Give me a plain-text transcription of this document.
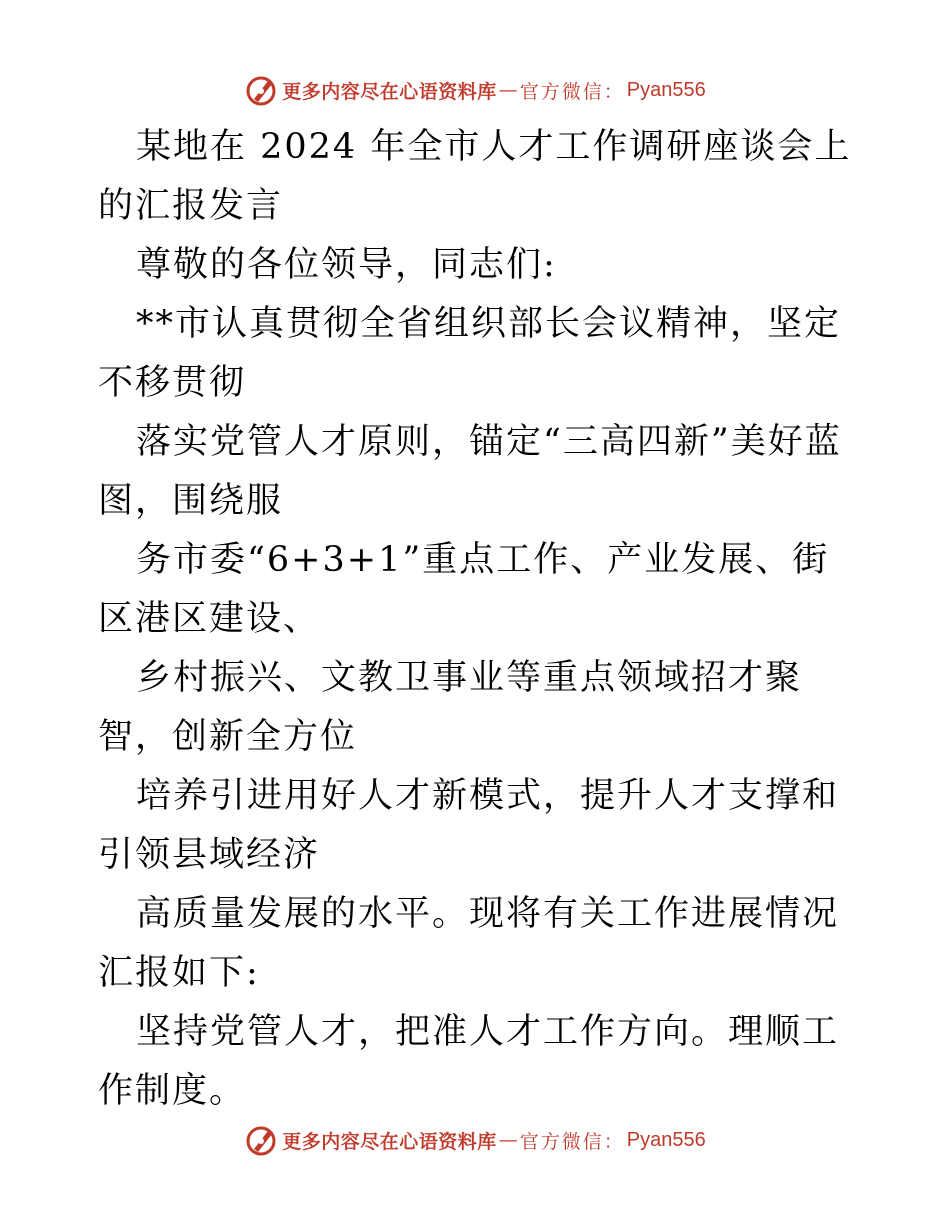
更多内容尽在心语资料库 — 官方微信： Pyan556

某地在 2024 年全市人才工作调研座谈会上的汇报发言

尊敬的各位领导，同志们:

**市认真贯彻全省组织部长会议精神，坚定不移贯彻

落实党管人才原则，锚定“三高四新”美好蓝图，围绕服

务市委“6+3+1”重点工作、产业发展、街区港区建设、

乡村振兴、文教卫事业等重点领域招才聚智，创新全方位

培养引进用好人才新模式，提升人才支撑和引领县域经济

高质量发展的水平。现将有关工作进展情况汇报如下:

坚持党管人才，把准人才工作方向。理顺工作制度。

更多内容尽在心语资料库 — 官方微信： Pyan556
